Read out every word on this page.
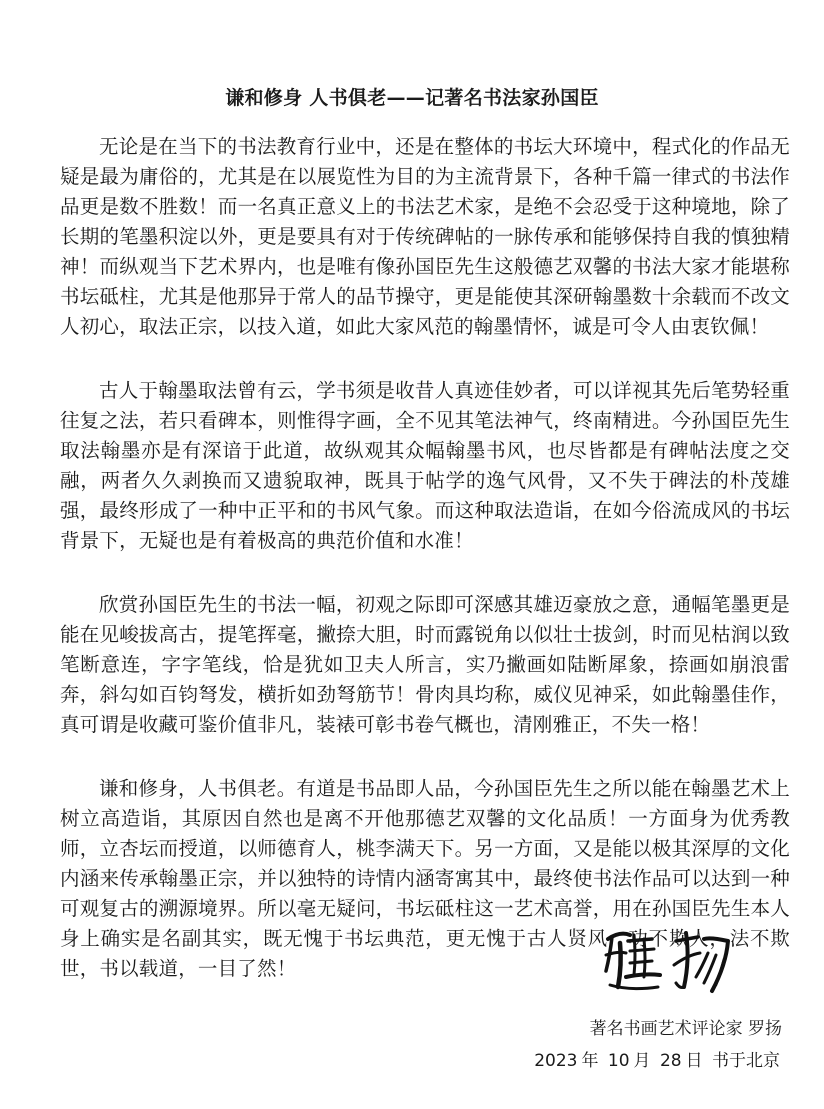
谦和修身 人书俱老——记著名书法家孙国臣

无论是在当下的书法教育行业中，还是在整体的书坛大环境中，程式化的作品无疑是最为庸俗的，尤其是在以展览性为目的为主流背景下，各种千篇一律式的书法作品更是数不胜数！而一名真正意义上的书法艺术家，是绝不会忍受于这种境地，除了长期的笔墨积淀以外，更是要具有对于传统碑帖的一脉传承和能够保持自我的慎独精神！而纵观当下艺术界内，也是唯有像孙国臣先生这般德艺双馨的书法大家才能堪称书坛砥柱，尤其是他那异于常人的品节操守，更是能使其深研翰墨数十余载而不改文人初心，取法正宗，以技入道，如此大家风范的翰墨情怀，诚是可令人由衷钦佩！

古人于翰墨取法曾有云，学书须是收昔人真迹佳妙者，可以详视其先后笔势轻重往复之法，若只看碑本，则惟得字画，全不见其笔法神气，终南精进。今孙国臣先生取法翰墨亦是有深谙于此道，故纵观其众幅翰墨书风，也尽皆都是有碑帖法度之交融，两者久久剥换而又遗貌取神，既具于帖学的逸气风骨，又不失于碑法的朴茂雄强，最终形成了一种中正平和的书风气象。而这种取法造诣，在如今俗流成风的书坛背景下，无疑也是有着极高的典范价值和水准！

欣赏孙国臣先生的书法一幅，初观之际即可深感其雄迈豪放之意，通幅笔墨更是能在见峻拔高古，提笔挥毫，撇捺大胆，时而露锐角以似壮士拔剑，时而见枯润以致笔断意连，字字笔线，恰是犹如卫夫人所言，实乃撇画如陆断犀象，捺画如崩浪雷奔，斜勾如百钧弩发，横折如劲弩筋节！骨肉具均称，威仪见神采，如此翰墨佳作，真可谓是收藏可鉴价值非凡，装裱可彰书卷气概也，清刚雅正，不失一格！

谦和修身，人书俱老。有道是书品即人品，今孙国臣先生之所以能在翰墨艺术上树立高造诣，其原因自然也是离不开他那德艺双馨的文化品质！一方面身为优秀教师，立杏坛而授道，以师德育人，桃李满天下。另一方面，又是能以极其深厚的文化内涵来传承翰墨正宗，并以独特的诗情内涵寄寓其中，最终使书法作品可以达到一种可观复古的溯源境界。所以毫无疑问，书坛砥柱这一艺术高誉，用在孙国臣先生本人身上确实是名副其实，既无愧于书坛典范，更无愧于古人贤风，功不欺人，法不欺世，书以载道，一目了然！

著名书画艺术评论家 罗扬
2023 年 10 月 28 日 书于北京
